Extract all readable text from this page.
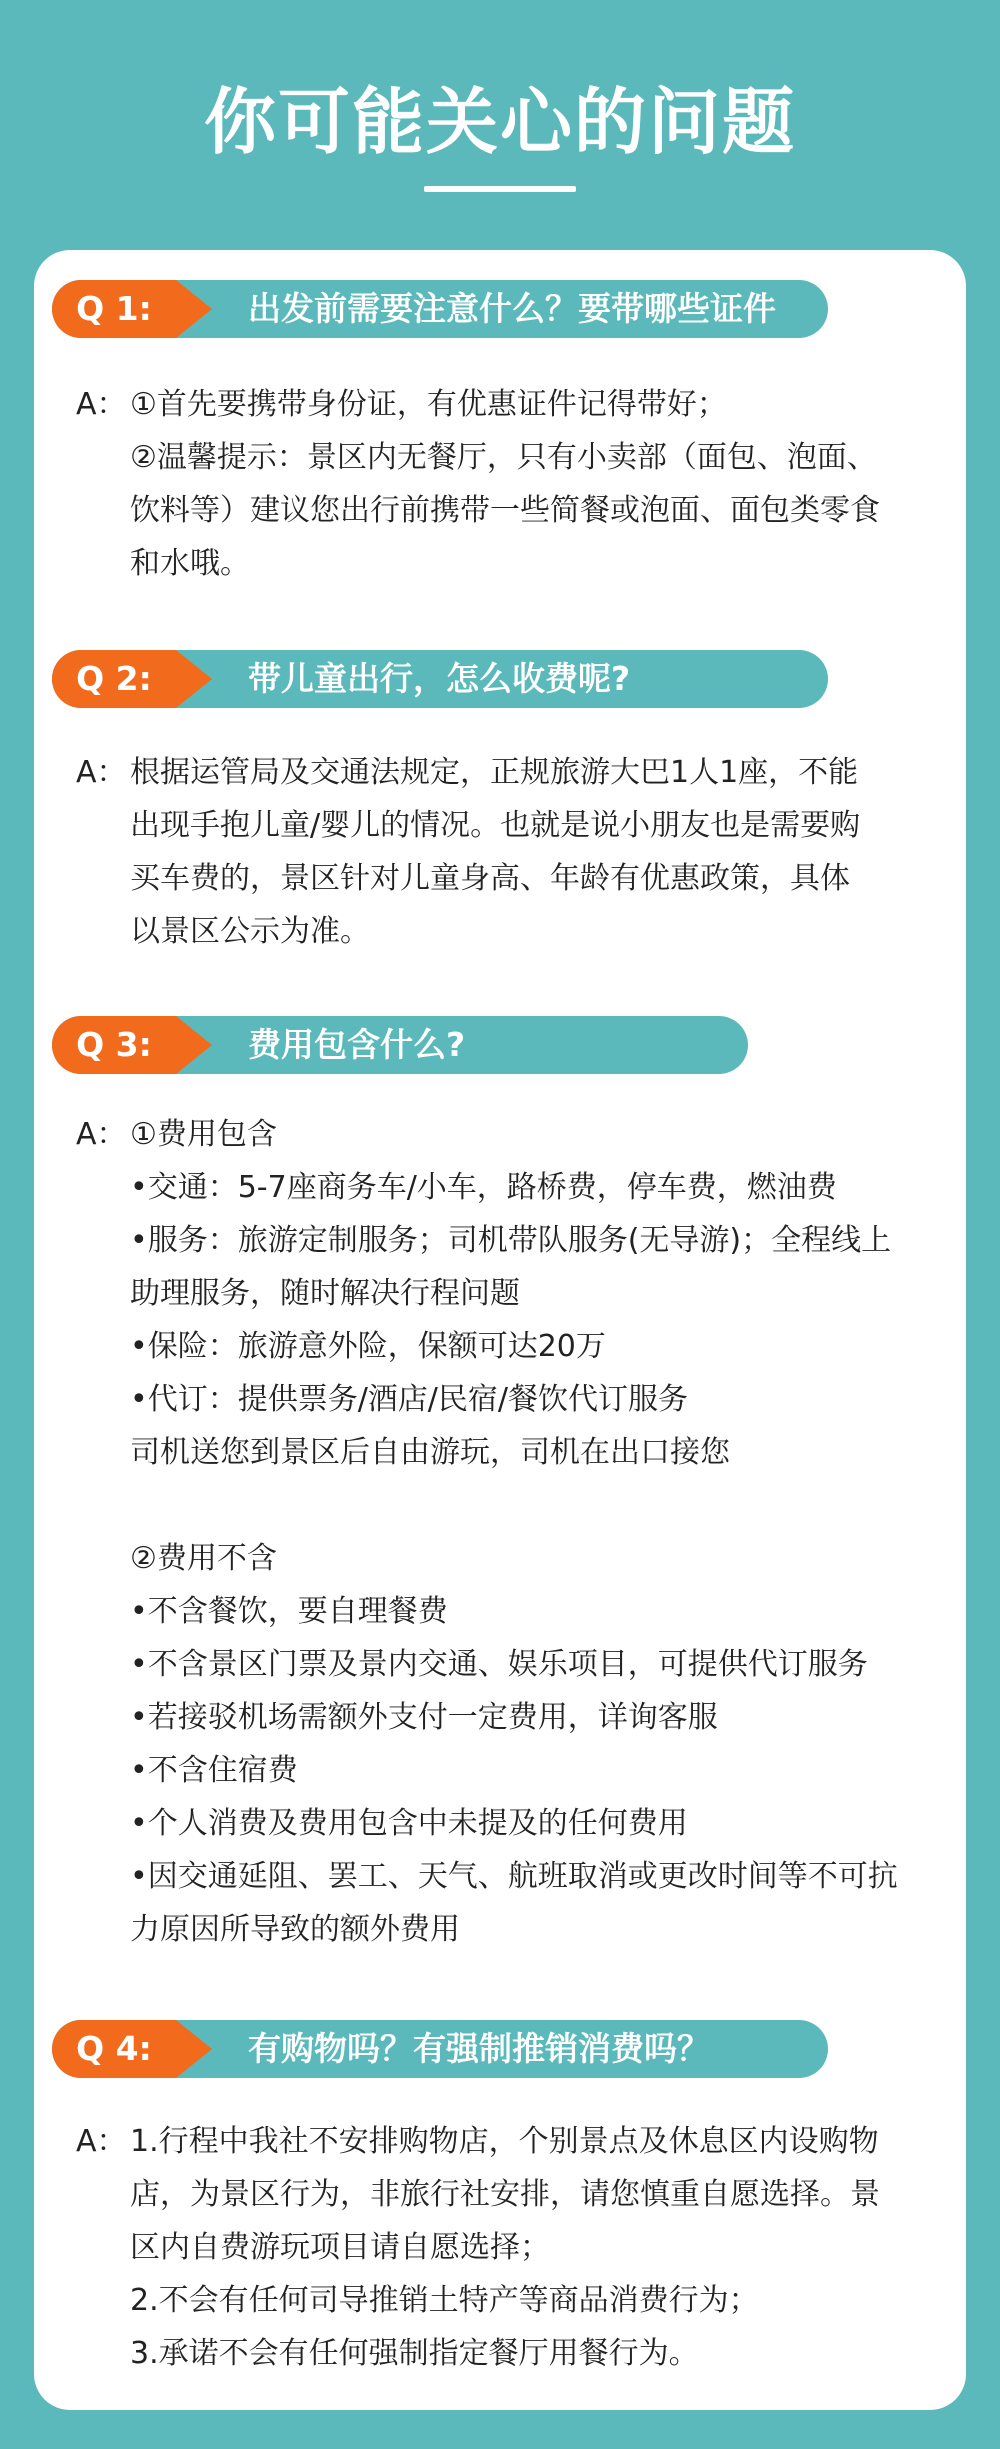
你可能关心的问题
Q 1:	出发前需要注意什么？要带哪些证件
A： ①首先要携带身份证，有优惠证件记得带好；
②温馨提示：景区内无餐厅，只有小卖部（面包、泡面、
饮料等）建议您出行前携带一些简餐或泡面、面包类零食
和水哦。
Q 2:	带儿童出行，怎么收费呢?
A： 根据运管局及交通法规定，正规旅游大巴1人1座，不能
出现手抱儿童/婴儿的情况。也就是说小朋友也是需要购
买车费的，景区针对儿童身高、年龄有优惠政策，具体
以景区公示为准。
Q 3:	费用包含什么?
A： ①费用包含
•交通：5-7座商务车/小车，路桥费，停车费，燃油费
•服务：旅游定制服务；司机带队服务(无导游)；全程线上
助理服务，随时解决行程问题
•保险：旅游意外险，保额可达20万
•代订：提供票务/酒店/民宿/餐饮代订服务
司机送您到景区后自由游玩，司机在出口接您
②费用不含
•不含餐饮，要自理餐费
•不含景区门票及景内交通、娱乐项目，可提供代订服务
•若接驳机场需额外支付一定费用，详询客服
•不含住宿费
•个人消费及费用包含中未提及的任何费用
•因交通延阻、罢工、天气、航班取消或更改时间等不可抗
力原因所导致的额外费用
Q 4:	有购物吗？有强制推销消费吗？
A： 1.行程中我社不安排购物店，个别景点及休息区内设购物
店，为景区行为，非旅行社安排，请您慎重自愿选择。景
区内自费游玩项目请自愿选择；
2.不会有任何司导推销土特产等商品消费行为；
3.承诺不会有任何强制指定餐厅用餐行为。
